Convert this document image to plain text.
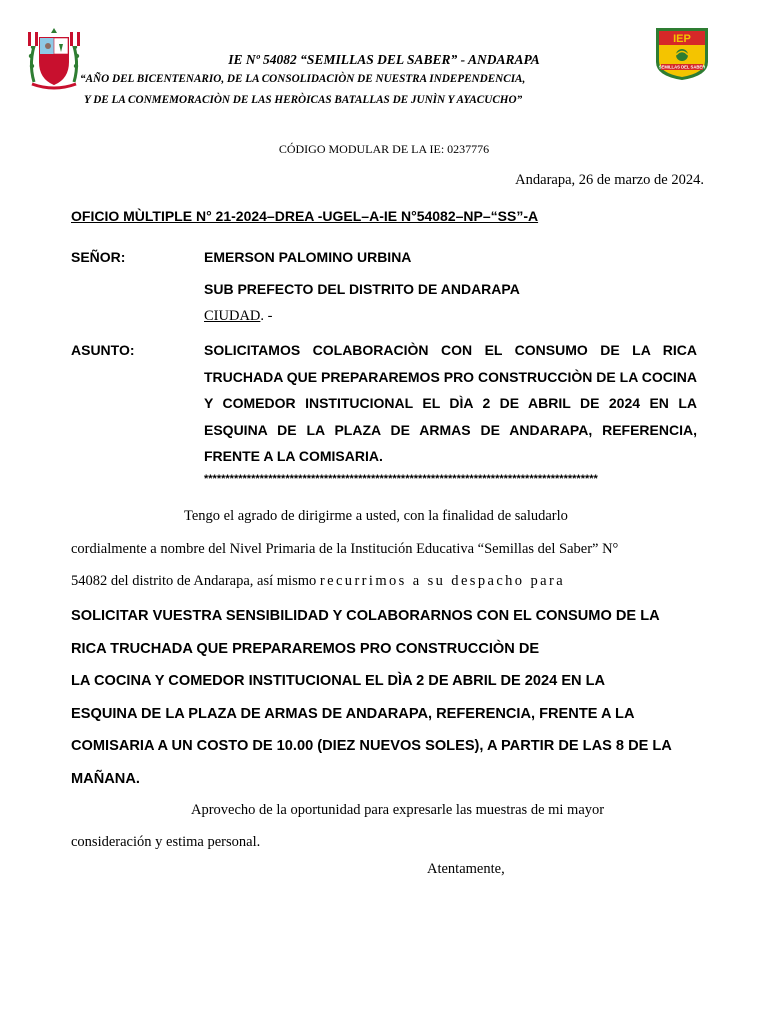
IEP
SEMILLAS DEL SABER
IE Nº 54082 “SEMILLAS DEL SABER” - ANDARAPA
“AÑO DEL BICENTENARIO, DE LA CONSOLIDACIÒN DE NUESTRA INDEPENDENCIA,
Y DE LA CONMEMORACIÒN DE LAS HERÒICAS BATALLAS DE JUNÌN Y AYACUCHO”
CÓDIGO MODULAR DE LA IE: 0237776
Andarapa, 26 de marzo de 2024.
OFICIO MÙLTIPLE N° 21-2024–DREA -UGEL–A-IE N°54082–NP–“SS”-A
SEÑOR:	EMERSON PALOMINO URBINA
SUB PREFECTO DEL DISTRITO DE ANDARAPA
CIUDAD. -
ASUNTO:	SOLICITAMOS COLABORACIÒN CON EL CONSUMO DE LA RICA TRUCHADA QUE PREPARAREMOS PRO CONSTRUCCIÒN DE LA COCINA Y COMEDOR INSTITUCIONAL EL DÌA 2 DE ABRIL DE 2024 EN LA ESQUINA DE LA PLAZA DE ARMAS DE ANDARAPA, REFERENCIA, FRENTE A LA COMISARIA.
********************************************************************************************
Tengo el agrado de dirigirme a usted, con la finalidad de saludarlo
cordialmente a nombre del Nivel Primaria de la Institución Educativa “Semillas del Saber” N°
54082 del distrito de Andarapa, así mismo recurrimos a su despacho para
SOLICITAR VUESTRA SENSIBILIDAD Y COLABORARNOS CON EL CONSUMO DE LA
RICA TRUCHADA QUE PREPARAREMOS PRO CONSTRUCCIÒN DE
LA COCINA Y COMEDOR INSTITUCIONAL EL DÌA 2 DE ABRIL DE 2024 EN LA
ESQUINA DE LA PLAZA DE ARMAS DE ANDARAPA, REFERENCIA, FRENTE A LA
COMISARIA A UN COSTO DE 10.00 (DIEZ NUEVOS SOLES), A PARTIR DE LAS 8 DE LA
MAÑANA.
Aprovecho de la oportunidad para expresarle las muestras de mi mayor
consideración y estima personal.
Atentamente,
